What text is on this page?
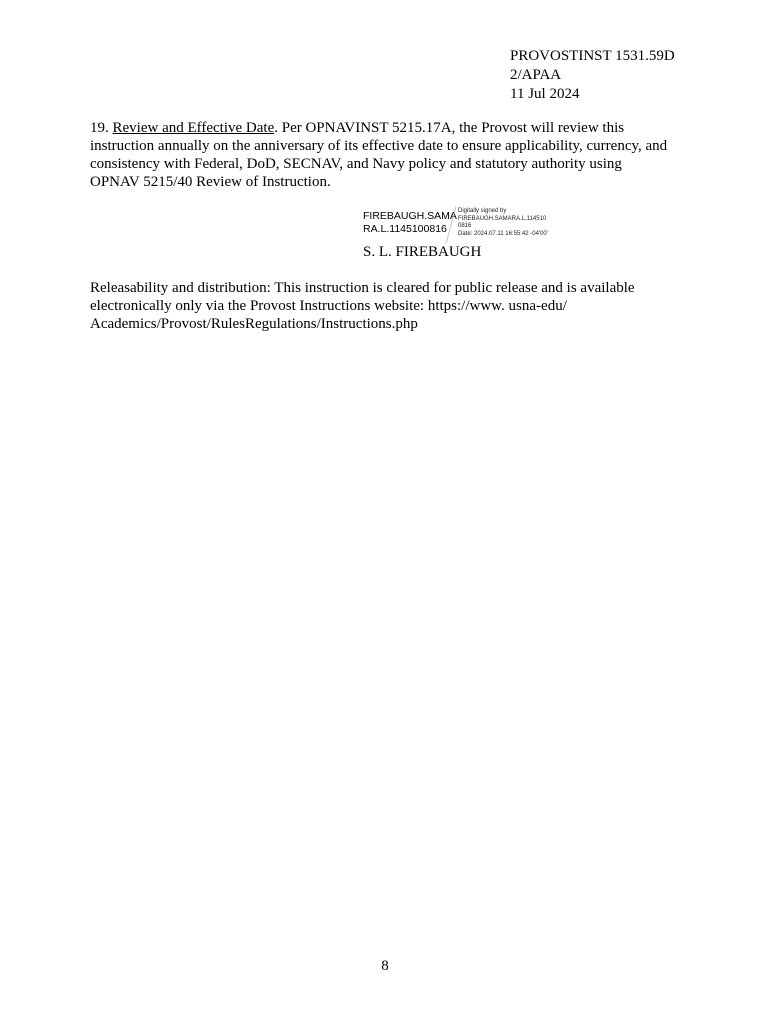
PROVOSTINST 1531.59D
2/APAA
11 Jul 2024
19. Review and Effective Date. Per OPNAVINST 5215.17A, the Provost will review this
instruction annually on the anniversary of its effective date to ensure applicability, currency, and
consistency with Federal, DoD, SECNAV, and Navy policy and statutory authority using
OPNAV 5215/40 Review of Instruction.
FIREBAUGH.SAMA
RA.L.1145100816
Digitally signed by
FIREBAUGH.SAMARA.L.114510
0816
Date: 2024.07.11 16:55:42 -04'00'
S. L. FIREBAUGH
Releasability and distribution: This instruction is cleared for public release and is available
electronically only via the Provost Instructions website: https://www. usna-edu/
Academics/Provost/RulesRegulations/Instructions.php
8
